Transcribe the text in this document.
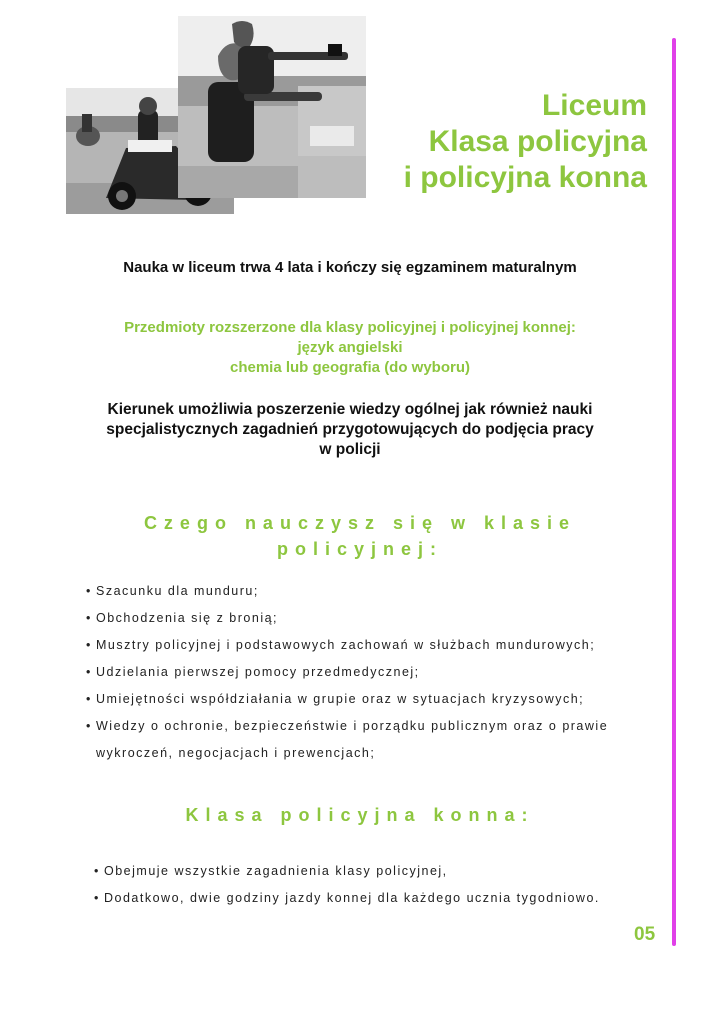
Liceum
Klasa policyjna
i policyjna konna
Nauka w liceum trwa 4 lata i kończy się egzaminem maturalnym
Przedmioty rozszerzone dla klasy policyjnej i policyjnej konnej:
język angielski
chemia lub geografia (do wyboru)
Kierunek umożliwia poszerzenie wiedzy ogólnej jak również nauki
specjalistycznych zagadnień przygotowujących do podjęcia pracy
w policji
Czego nauczysz się w klasie
policyjnej:
• Szacunku dla munduru;
• Obchodzenia się z bronią;
• Musztry policyjnej i podstawowych zachowań w służbach mundurowych;
• Udzielania pierwszej pomocy przedmedycznej;
• Umiejętności współdziałania w grupie oraz w sytuacjach kryzysowych;
• Wiedzy o ochronie, bezpieczeństwie i porządku publicznym oraz o prawie wykroczeń, negocjacjach i prewencjach;
Klasa policyjna konna:
• Obejmuje wszystkie zagadnienia klasy policyjnej,
• Dodatkowo, dwie godziny jazdy konnej dla każdego ucznia tygodniowo.
05
